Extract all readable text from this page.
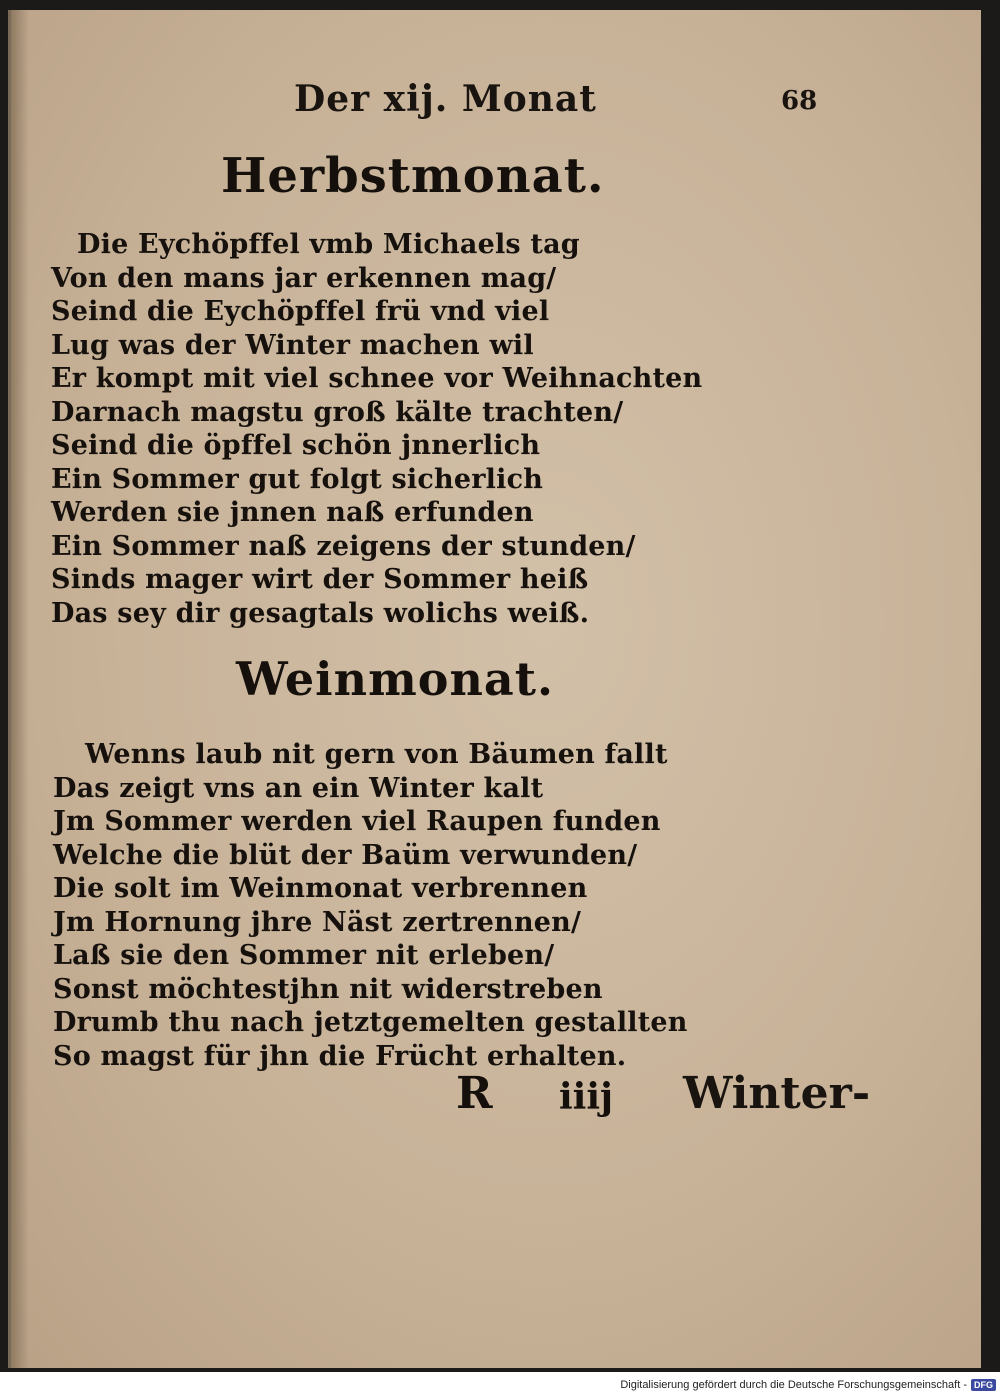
Der xij. Monat	68
Herbstmonat.
Die Eychöpffel vmb Michaels tag
Von den mans jar erkennen mag/
Seind die Eychöpffel frü vnd viel
Lug was der Winter machen wil
Er kompt mit viel schnee vor Weihnachten
Darnach magstu groß kälte trachten/
Seind die öpffel schön jnnerlich
Ein Sommer gut folgt sicherlich
Werden sie jnnen naß erfunden
Ein Sommer naß zeigens der stunden/
Sinds mager wirt der Sommer heiß
Das sey dir gesagtals wolichs weiß.
Weinmonat.
Wenns laub nit gern von Bäumen fallt
Das zeigt vns an ein Winter kalt
Jm Sommer werden viel Raupen funden
Welche die blüt der Baüm verwunden/
Die solt im Weinmonat verbrennen
Jm Hornung jhre Näst zertrennen/
Laß sie den Sommer nit erleben/
Sonst möchtestjhn nit widerstreben
Drumb thu nach jetztgemelten gestallten
So magst für jhn die Frücht erhalten.
R iiij Winter-
Digitalisierung gefördert durch die Deutsche Forschungsgemeinschaft - DFG
